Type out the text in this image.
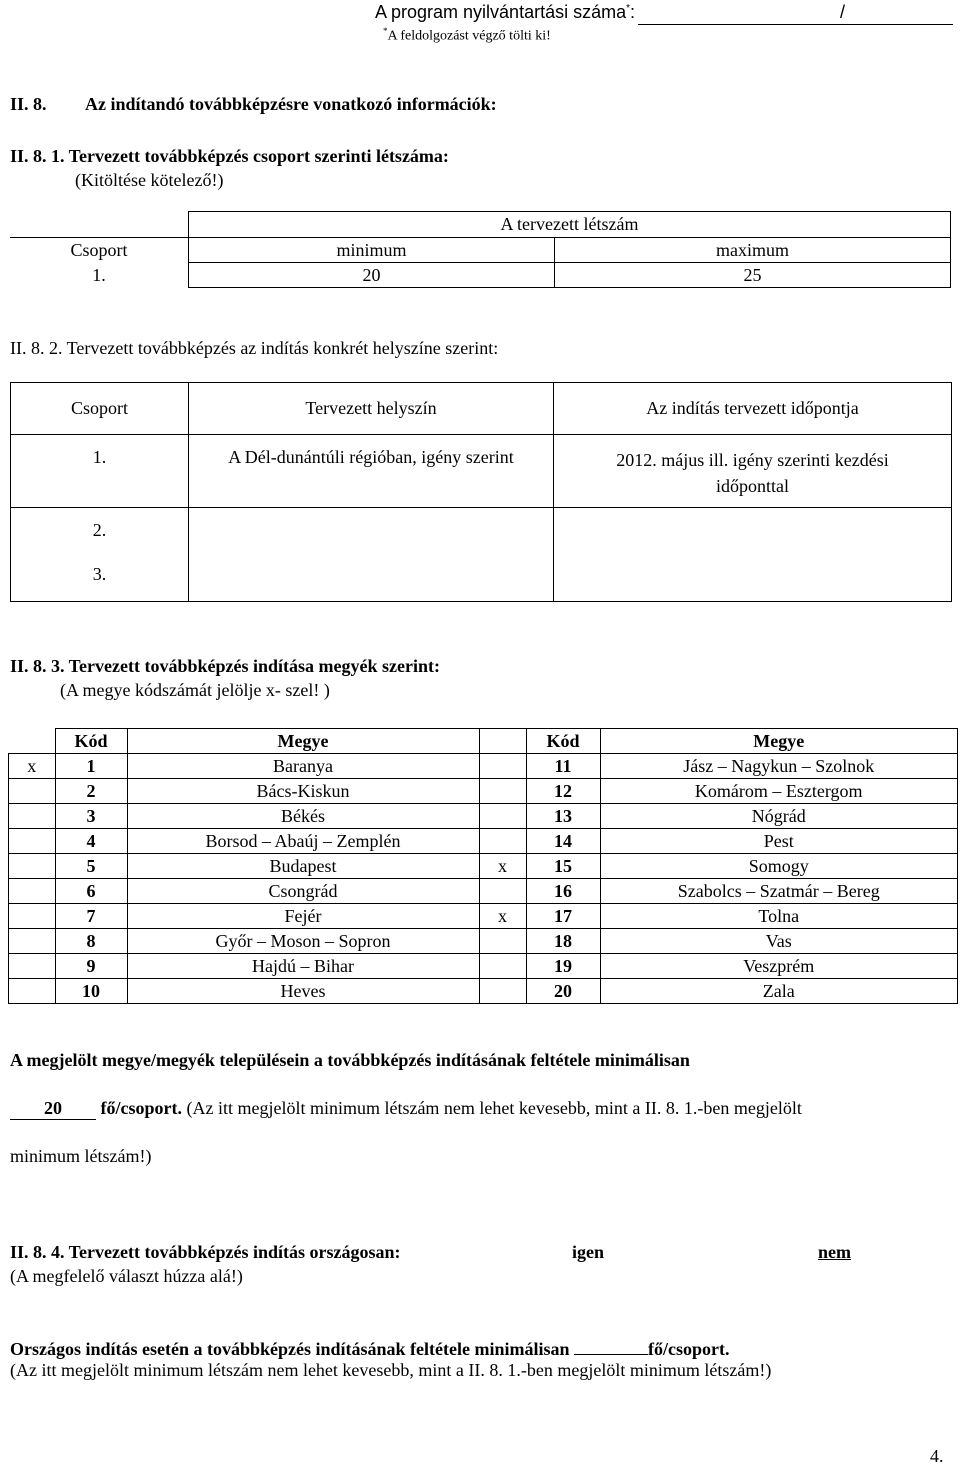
A program nyilvántartási száma*:	/
*A feldolgozást végző tölti ki!
II. 8. Az indítandó továbbképzésre vonatkozó információk:
II. 8. 1. Tervezett továbbképzés csoport szerinti létszáma:
(Kitöltése kötelező!)
	A tervezett létszám	
Csoport	minimum	maximum
1.	20	25
II. 8. 2. Tervezett továbbképzés az indítás konkrét helyszíne szerint:
Csoport	Tervezett helyszín	Az indítás tervezett időpontja
1.	A Dél-dunántúli régióban, igény szerint	2012. május ill. igény szerinti kezdési
időponttal

2.
3.		

II. 8. 3. Tervezett továbbképzés indítása megyék szerint:
(A megye kódszámát jelölje x- szel! )
	Kód	Megye		Kód	Megye
x	1	Baranya		11	Jász – Nagykun – Szolnok
	2	Bács-Kiskun		12	Komárom – Esztergom
	3	Békés		13	Nógrád
	4	Borsod – Abaúj – Zemplén		14	Pest
	5	Budapest	x	15	Somogy
	6	Csongrád		16	Szabolcs – Szatmár – Bereg
	7	Fejér	x	17	Tolna
	8	Győr – Moson – Sopron		18	Vas
	9	Hajdú – Bihar		19	Veszprém
	10	Heves		20	Zala
A megjelölt megye/megyék településein a továbbképzés indításának feltétele minimálisan
20 fő/csoport. (Az itt megjelölt minimum létszám nem lehet kevesebb, mint a II. 8. 1.-ben megjelölt
minimum létszám!)
II. 8. 4. Tervezett továbbképzés indítás országosan:	igen	nem
(A megfelelő választ húzza alá!)
Országos indítás esetén a továbbképzés indításának feltétele minimálisan	fő/csoport.
(Az itt megjelölt minimum létszám nem lehet kevesebb, mint a II. 8. 1.-ben megjelölt minimum létszám!)
4.
